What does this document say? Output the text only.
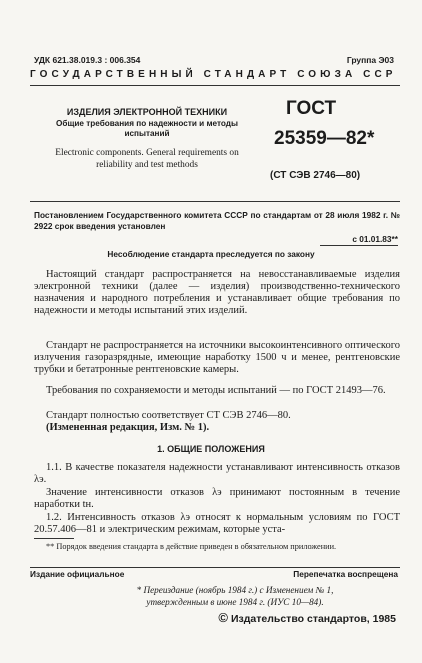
УДК 621.38.019.3 : 006.354	Группа Э03
ГОСУДАРСТВЕННЫЙ СТАНДАРТ СОЮЗА ССР
ИЗДЕЛИЯ ЭЛЕКТРОННОЙ ТЕХНИКИ
Общие требования по надежности и методы испытаний
Electronic components. General requirements on reliability and test methods
ГОСТ
25359—82*
(СТ СЭВ 2746—80)
Постановлением Государственного комитета СССР по стандартам от 28 июля 1982 г. № 2922 срок введения установлен
с 01.01.83**
Несоблюдение стандарта преследуется по закону

Настоящий стандарт распространяется на невосстанавливаемые изделия электронной техники (далее — изделия) производственно-технического назначения и народного потребления и устанавливает общие требования по надежности и методы испытаний этих изделий.

Стандарт не распространяется на источники высокоинтенсивного оптического излучения газоразрядные, имеющие наработку 1500 ч и менее, рентгеновские трубки и бетатронные рентгеновские камеры.

Требования по сохраняемости и методы испытаний — по ГОСТ 21493—76.

Стандарт полностью соответствует СТ СЭВ 2746—80.

(Измененная редакция, Изм. № 1).

1. ОБЩИЕ ПОЛОЖЕНИЯ

1.1. В качестве показателя надежности устанавливают интенсивность отказов λэ.

Значение интенсивности отказов λэ принимают постоянным в течение наработки tн.

1.2. Интенсивность отказов λэ относят к нормальным условиям по ГОСТ 20.57.406—81 и электрическим режимам, которые уста-

** Порядок введения стандарта в действие приведен в обязательном приложении.
Издание официальное	Перепечатка воспрещена
* Переиздание (ноябрь 1984 г.) с Изменением № 1,
утвержденным в июне 1984 г. (ИУС 10—84).
© Издательство стандартов, 1985
